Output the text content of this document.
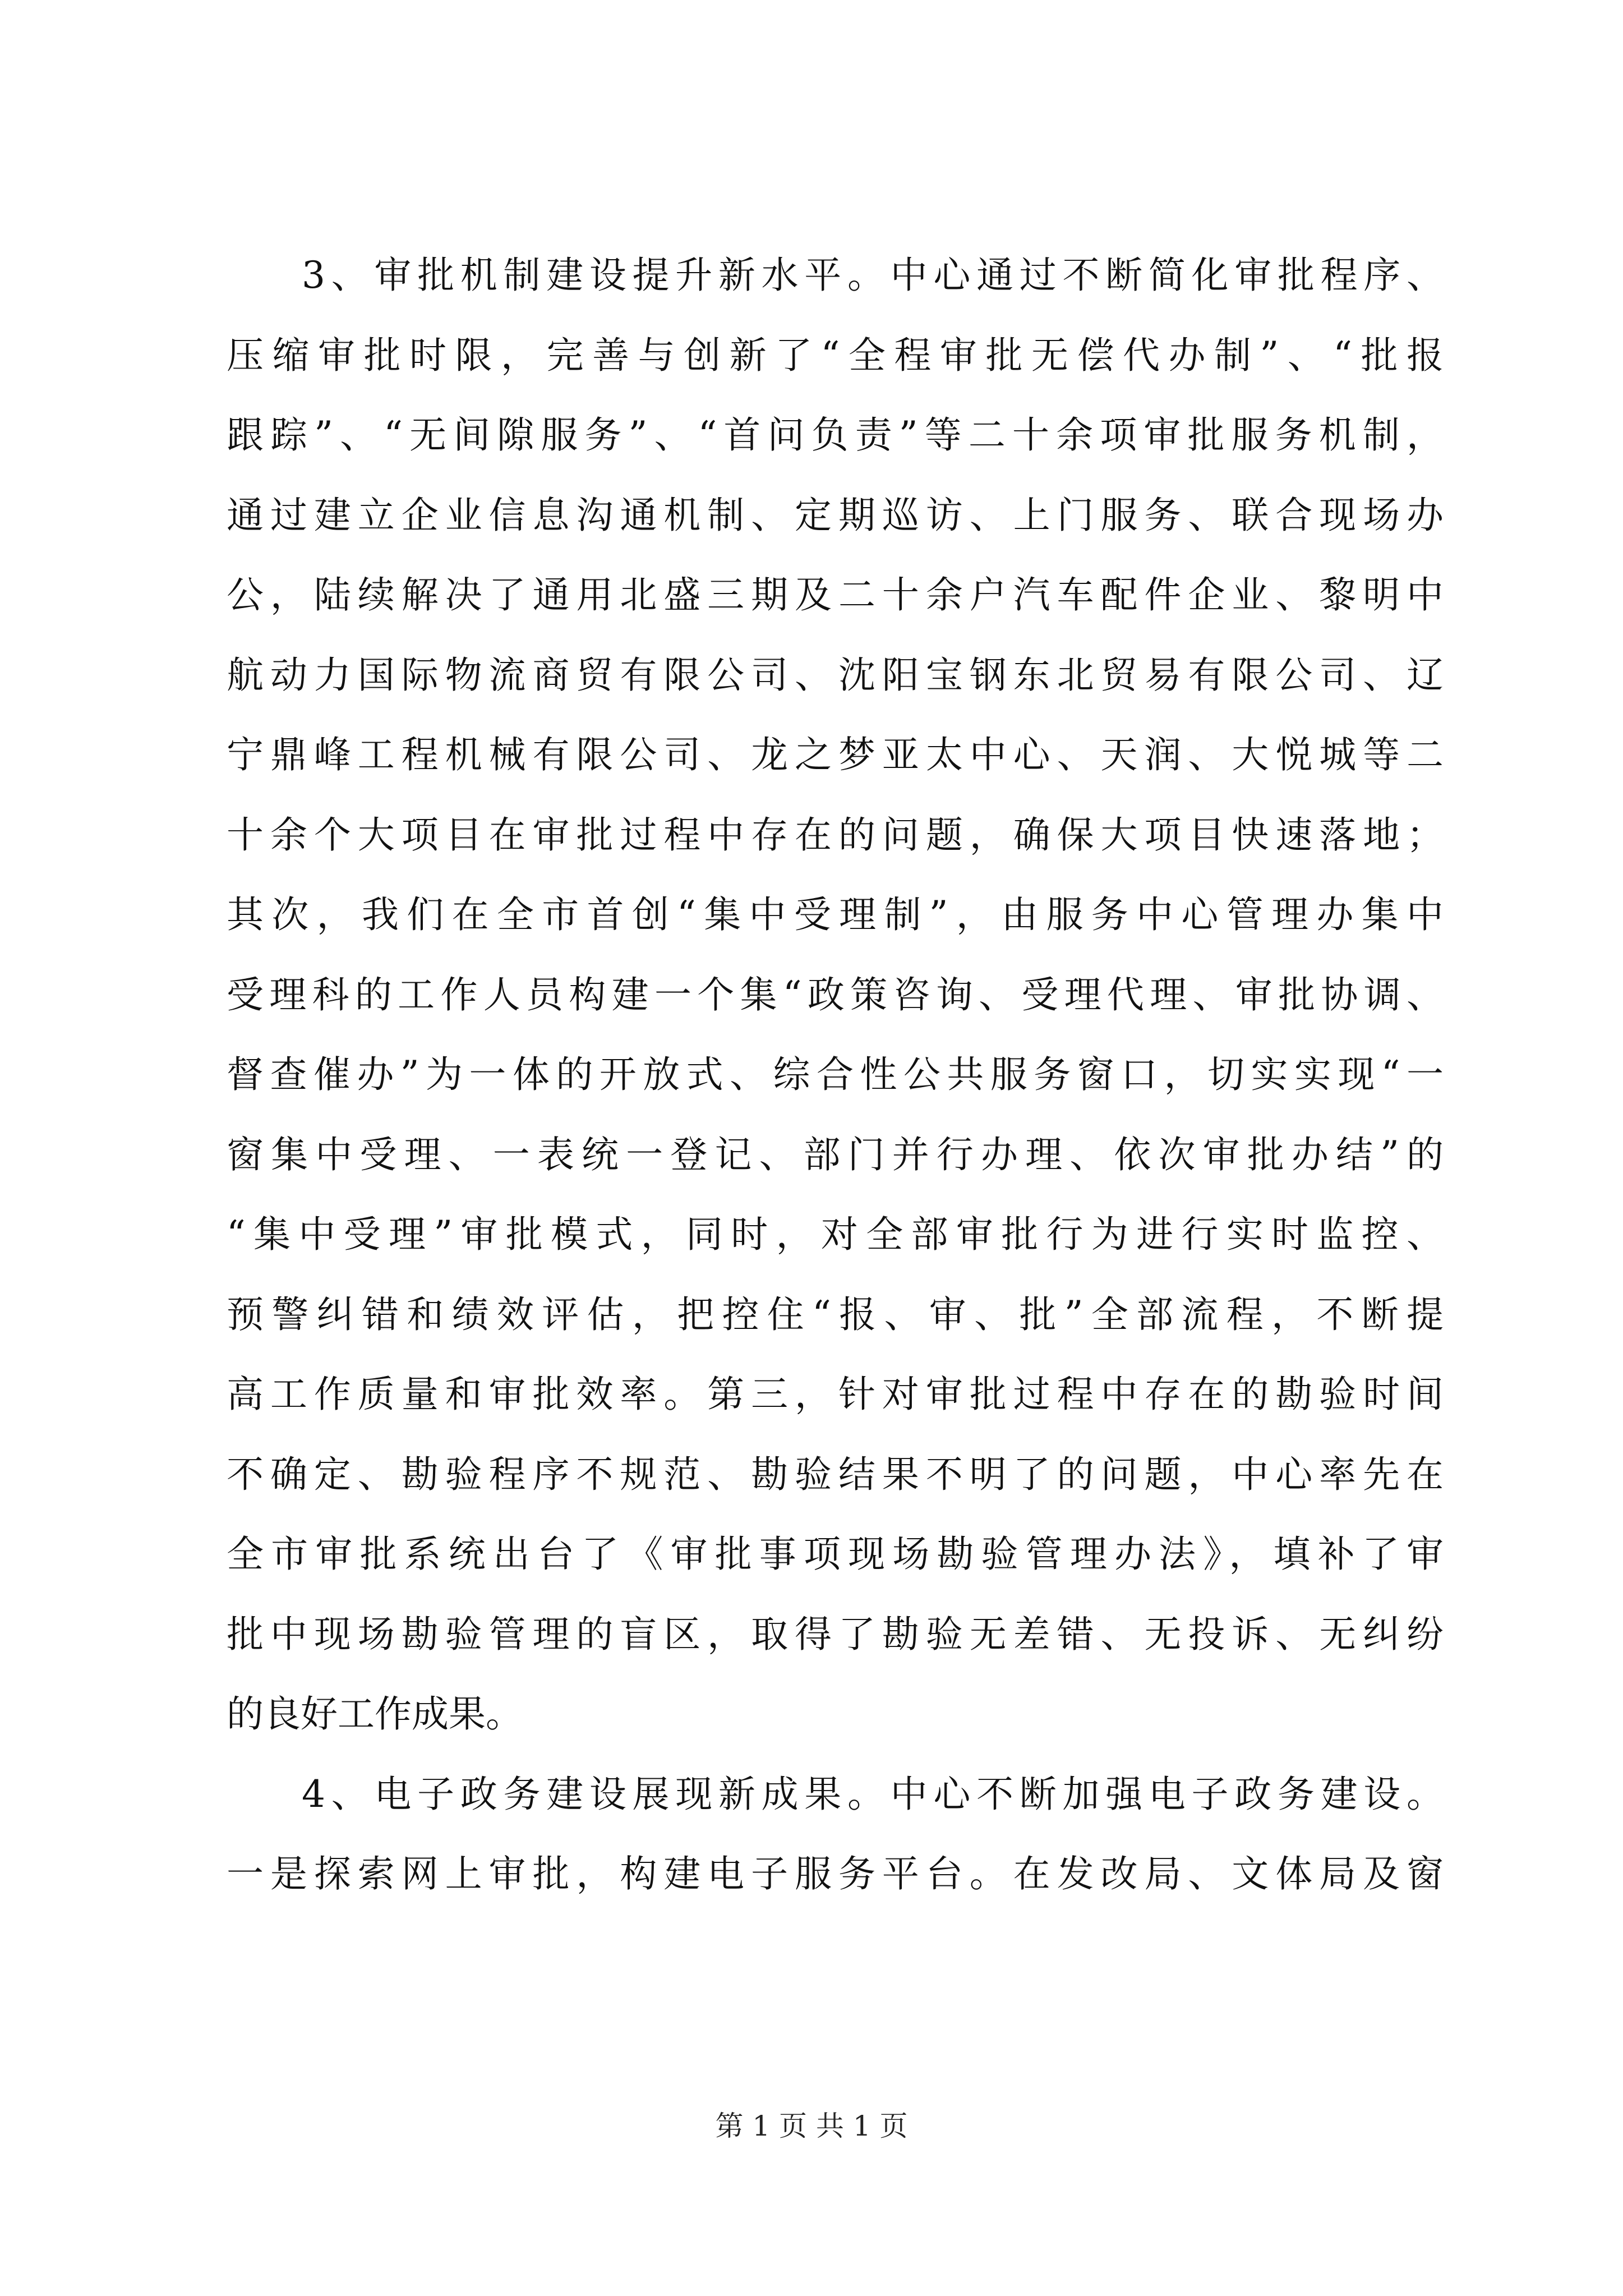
3、审批机制建设提升新水平。中心通过不断简化审批程序、
压缩审批时限，完善与创新了“全程审批无偿代办制”、“批报
跟踪”、“无间隙服务”、“首问负责”等二十余项审批服务机制，
通过建立企业信息沟通机制、定期巡访、上门服务、联合现场办
公，陆续解决了通用北盛三期及二十余户汽车配件企业、黎明中
航动力国际物流商贸有限公司、沈阳宝钢东北贸易有限公司、辽
宁鼎峰工程机械有限公司、龙之梦亚太中心、天润、大悦城等二
十余个大项目在审批过程中存在的问题，确保大项目快速落地；
其次，我们在全市首创“集中受理制”，由服务中心管理办集中
受理科的工作人员构建一个集“政策咨询、受理代理、审批协调、
督查催办”为一体的开放式、综合性公共服务窗口，切实实现“一
窗集中受理、一表统一登记、部门并行办理、依次审批办结”的
“集中受理”审批模式，同时，对全部审批行为进行实时监控、
预警纠错和绩效评估，把控住“报、审、批”全部流程，不断提
高工作质量和审批效率。第三，针对审批过程中存在的勘验时间
不确定、勘验程序不规范、勘验结果不明了的问题，中心率先在
全市审批系统出台了《审批事项现场勘验管理办法》，填补了审
批中现场勘验管理的盲区，取得了勘验无差错、无投诉、无纠纷
的良好工作成果。
4、电子政务建设展现新成果。中心不断加强电子政务建设。
一是探索网上审批，构建电子服务平台。在发改局、文体局及窗
第 1 页 共 1 页
